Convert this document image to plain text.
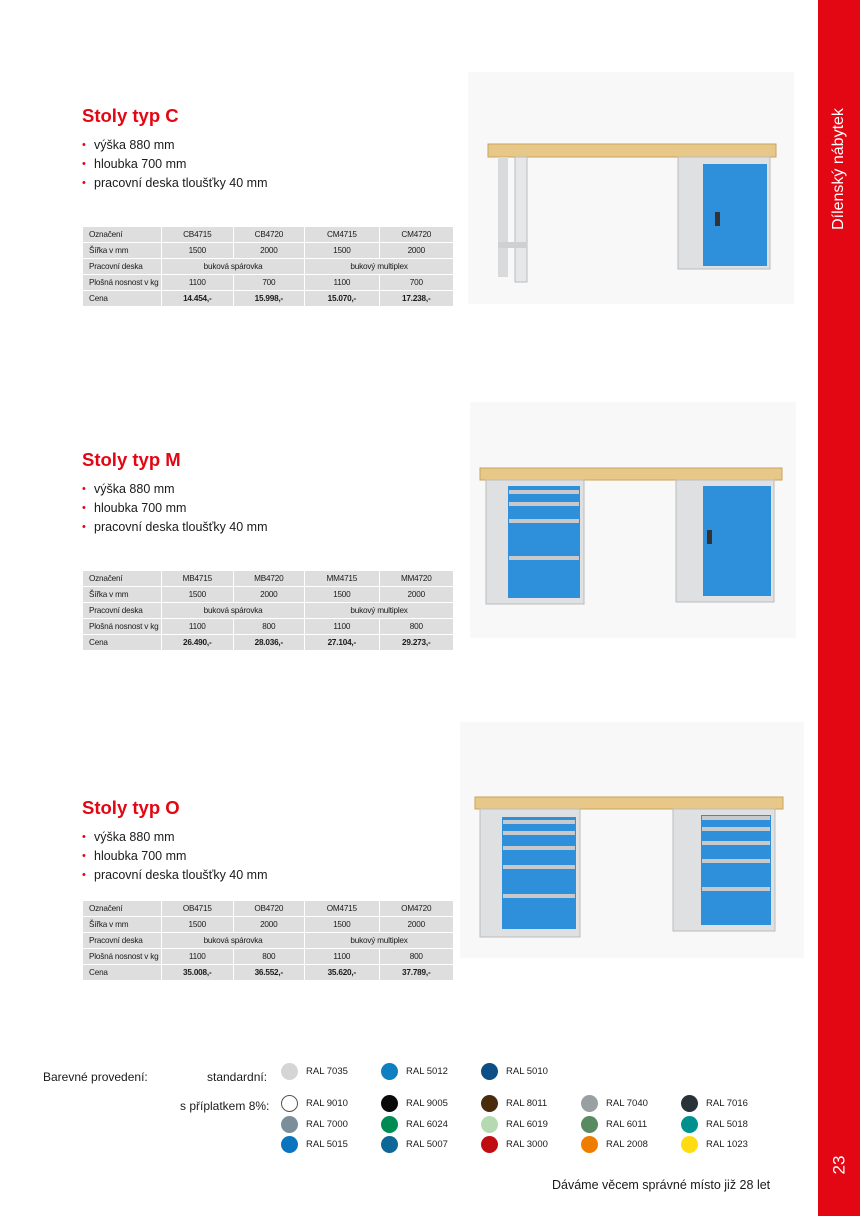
Dílenský nábytek
23
Stoly typ C
• výška 880 mm
• hloubka 700 mm
• pracovní deska tloušťky 40 mm
Označení	CB4715	CB4720	CM4715	CM4720
Šířka v mm	1500	2000	1500	2000
Pracovní deska	buková spárovka		bukový multiplex	
Plošná nosnost v kg	1100	700	1100	700
Cena	14.454,-	15.998,-	15.070,-	17.238,-
Stoly typ M
• výška 880 mm
• hloubka 700 mm
• pracovní deska tloušťky 40 mm
Označení	MB4715	MB4720	MM4715	MM4720
Šířka v mm	1500	2000	1500	2000
Pracovní deska	buková spárovka		bukový multiplex	
Plošná nosnost v kg	1100	800	1100	800
Cena	26.490,-	28.036,-	27.104,-	29.273,-
Stoly typ O
• výška 880 mm
• hloubka 700 mm
• pracovní deska tloušťky 40 mm
Označení	OB4715	OB4720	OM4715	OM4720
Šířka v mm	1500	2000	1500	2000
Pracovní deska	buková spárovka		bukový multiplex	
Plošná nosnost v kg	1100	800	1100	800
Cena	35.008,-	36.552,-	35.620,-	37.789,-
Barevné provedení:	standardní:
s příplatkem 8%:
RAL 7035	RAL 5012	RAL 5010
RAL 9010	RAL 9005	RAL 8011	RAL 7040	RAL 7016
RAL 7000	RAL 6024	RAL 6019	RAL 6011	RAL 5018
RAL 5015	RAL 5007	RAL 3000	RAL 2008	RAL 1023
Dáváme věcem správné místo již 28 let
